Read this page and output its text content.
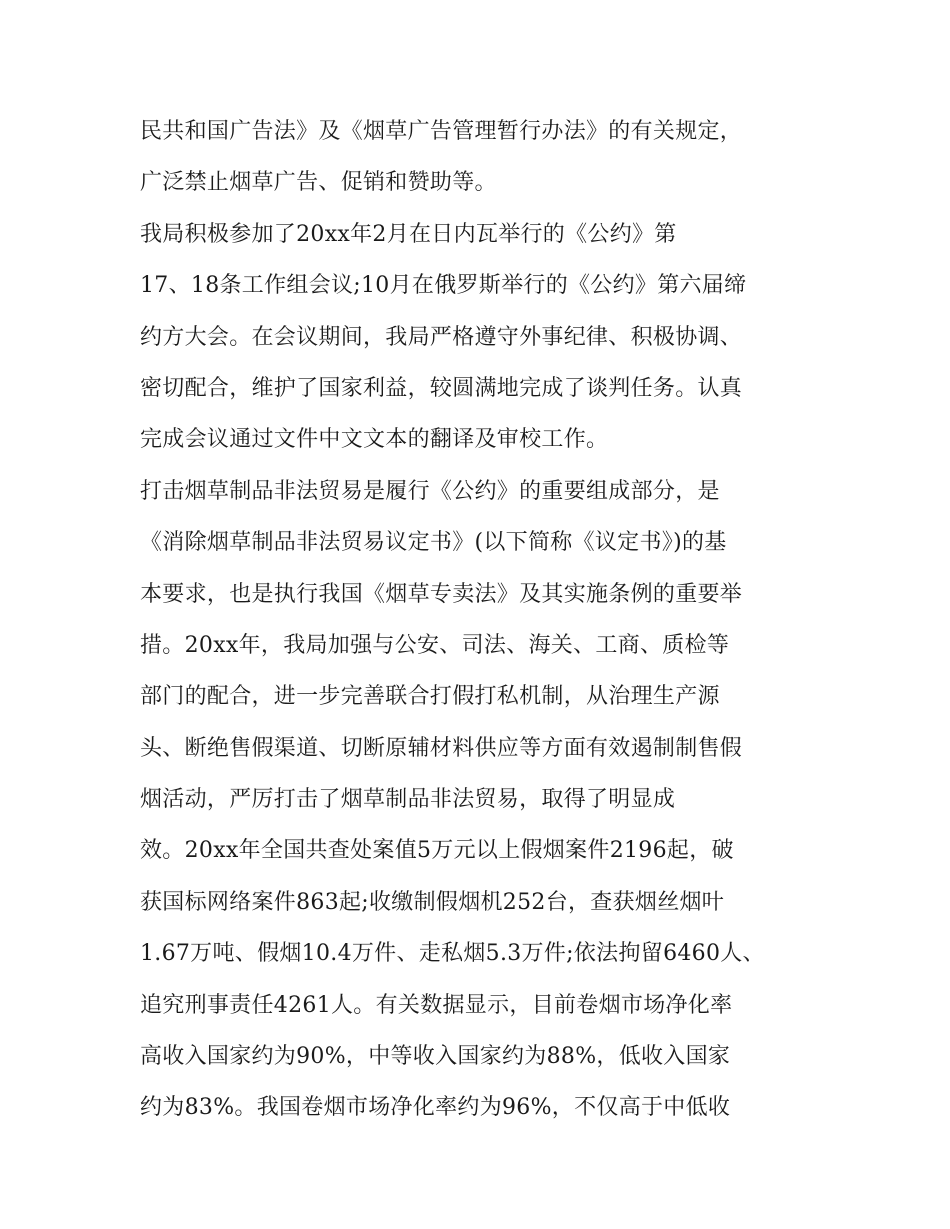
民共和国广告法》及《烟草广告管理暂行办法》的有关规定，
广泛禁止烟草广告、促销和赞助等。
我局积极参加了20xx年2月在日内瓦举行的《公约》第
17、18条工作组会议;10月在俄罗斯举行的《公约》第六届缔
约方大会。在会议期间，我局严格遵守外事纪律、积极协调、
密切配合，维护了国家利益，较圆满地完成了谈判任务。认真
完成会议通过文件中文文本的翻译及审校工作。
打击烟草制品非法贸易是履行《公约》的重要组成部分，是
《消除烟草制品非法贸易议定书》(以下简称《议定书》)的基
本要求，也是执行我国《烟草专卖法》及其实施条例的重要举
措。20xx年，我局加强与公安、司法、海关、工商、质检等
部门的配合，进一步完善联合打假打私机制，从治理生产源
头、断绝售假渠道、切断原辅材料供应等方面有效遏制制售假
烟活动，严厉打击了烟草制品非法贸易，取得了明显成
效。20xx年全国共查处案值5万元以上假烟案件2196起，破
获国标网络案件863起;收缴制假烟机252台，查获烟丝烟叶
1.67万吨、假烟10.4万件、走私烟5.3万件;依法拘留6460人、
追究刑事责任4261人。有关数据显示，目前卷烟市场净化率
高收入国家约为90%，中等收入国家约为88%，低收入国家
约为83%。我国卷烟市场净化率约为96%，不仅高于中低收
